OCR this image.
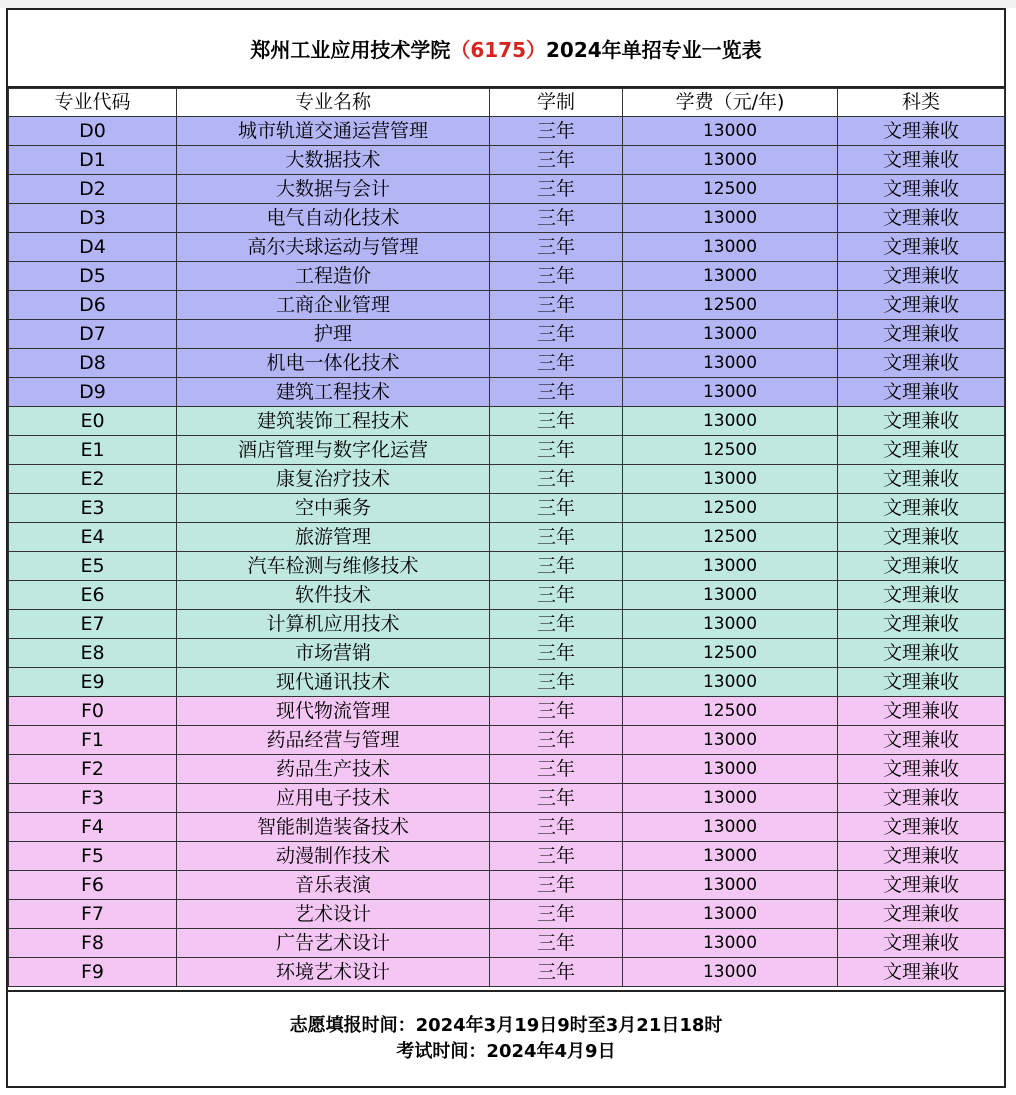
郑州工业应用技术学院 （6175） 2024年单招专业一览表
专业代码	专业名称	学制	学费（元/年)	科类
D0	城市轨道交通运营管理	三年	13000	文理兼收
D1	大数据技术	三年	13000	文理兼收
D2	大数据与会计	三年	12500	文理兼收
D3	电气自动化技术	三年	13000	文理兼收
D4	高尔夫球运动与管理	三年	13000	文理兼收
D5	工程造价	三年	13000	文理兼收
D6	工商企业管理	三年	12500	文理兼收
D7	护理	三年	13000	文理兼收
D8	机电一体化技术	三年	13000	文理兼收
D9	建筑工程技术	三年	13000	文理兼收
E0	建筑装饰工程技术	三年	13000	文理兼收
E1	酒店管理与数字化运营	三年	12500	文理兼收
E2	康复治疗技术	三年	13000	文理兼收
E3	空中乘务	三年	12500	文理兼收
E4	旅游管理	三年	12500	文理兼收
E5	汽车检测与维修技术	三年	13000	文理兼收
E6	软件技术	三年	13000	文理兼收
E7	计算机应用技术	三年	13000	文理兼收
E8	市场营销	三年	12500	文理兼收
E9	现代通讯技术	三年	13000	文理兼收
F0	现代物流管理	三年	12500	文理兼收
F1	药品经营与管理	三年	13000	文理兼收
F2	药品生产技术	三年	13000	文理兼收
F3	应用电子技术	三年	13000	文理兼收
F4	智能制造装备技术	三年	13000	文理兼收
F5	动漫制作技术	三年	13000	文理兼收
F6	音乐表演	三年	13000	文理兼收
F7	艺术设计	三年	13000	文理兼收
F8	广告艺术设计	三年	13000	文理兼收
F9	环境艺术设计	三年	13000	文理兼收
志愿填报时间：2024年3月19日9时至3月21日18时
考试时间：2024年4月9日
